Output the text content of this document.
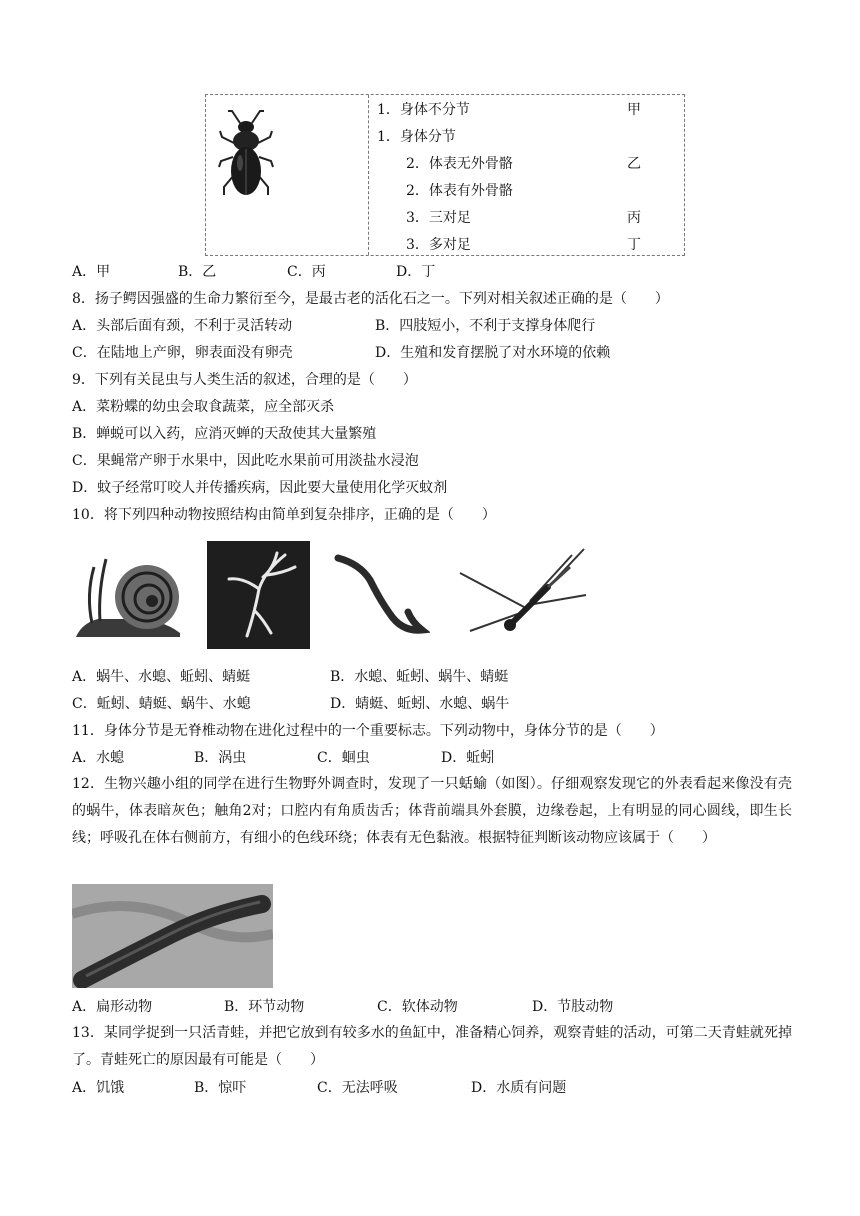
1．身体不分节	甲
1．身体分节
2．体表无外骨骼	乙
2．体表有外骨骼
3．三对足	丙
3．多对足	丁
A．甲	B．乙	C．丙	D．丁
8．扬子鳄因强盛的生命力繁衍至今，是最古老的活化石之一。下列对相关叙述正确的是（　　）
A．头部后面有颈，不利于灵活转动	B．四肢短小，不利于支撑身体爬行
C．在陆地上产卵，卵表面没有卵壳	D．生殖和发育摆脱了对水环境的依赖
9．下列有关昆虫与人类生活的叙述，合理的是（　　）
A．菜粉蝶的幼虫会取食蔬菜，应全部灭杀
B．蝉蜕可以入药，应消灭蝉的天敌使其大量繁殖
C．果蝇常产卵于水果中，因此吃水果前可用淡盐水浸泡
D．蚊子经常叮咬人并传播疾病，因此要大量使用化学灭蚊剂
10．将下列四种动物按照结构由简单到复杂排序，正确的是（　　）
A．蜗牛、水螅、蚯蚓、蜻蜓	B．水螅、蚯蚓、蜗牛、蜻蜓
C．蚯蚓、蜻蜓、蜗牛、水螅	D．蜻蜓、蚯蚓、水螅、蜗牛
11．身体分节是无脊椎动物在进化过程中的一个重要标志。下列动物中，身体分节的是（　　）
A．水螅	B．涡虫	C．蛔虫	D．蚯蚓
12．生物兴趣小组的同学在进行生物野外调查时，发现了一只蛞蝓（如图）。仔细观察发现它的外表看起来像没有壳的蜗牛，体表暗灰色；触角2对；口腔内有角质齿舌；体背前端具外套膜，边缘卷起，上有明显的同心圆线，即生长线；呼吸孔在体右侧前方，有细小的色线环绕；体表有无色黏液。根据特征判断该动物应该属于（　　）
A．扁形动物	B．环节动物	C．软体动物	D．节肢动物
13．某同学捉到一只活青蛙，并把它放到有较多水的鱼缸中，准备精心饲养，观察青蛙的活动，可第二天青蛙就死掉了。青蛙死亡的原因最有可能是（　　）
A．饥饿	B．惊吓	C．无法呼吸	D．水质有问题
